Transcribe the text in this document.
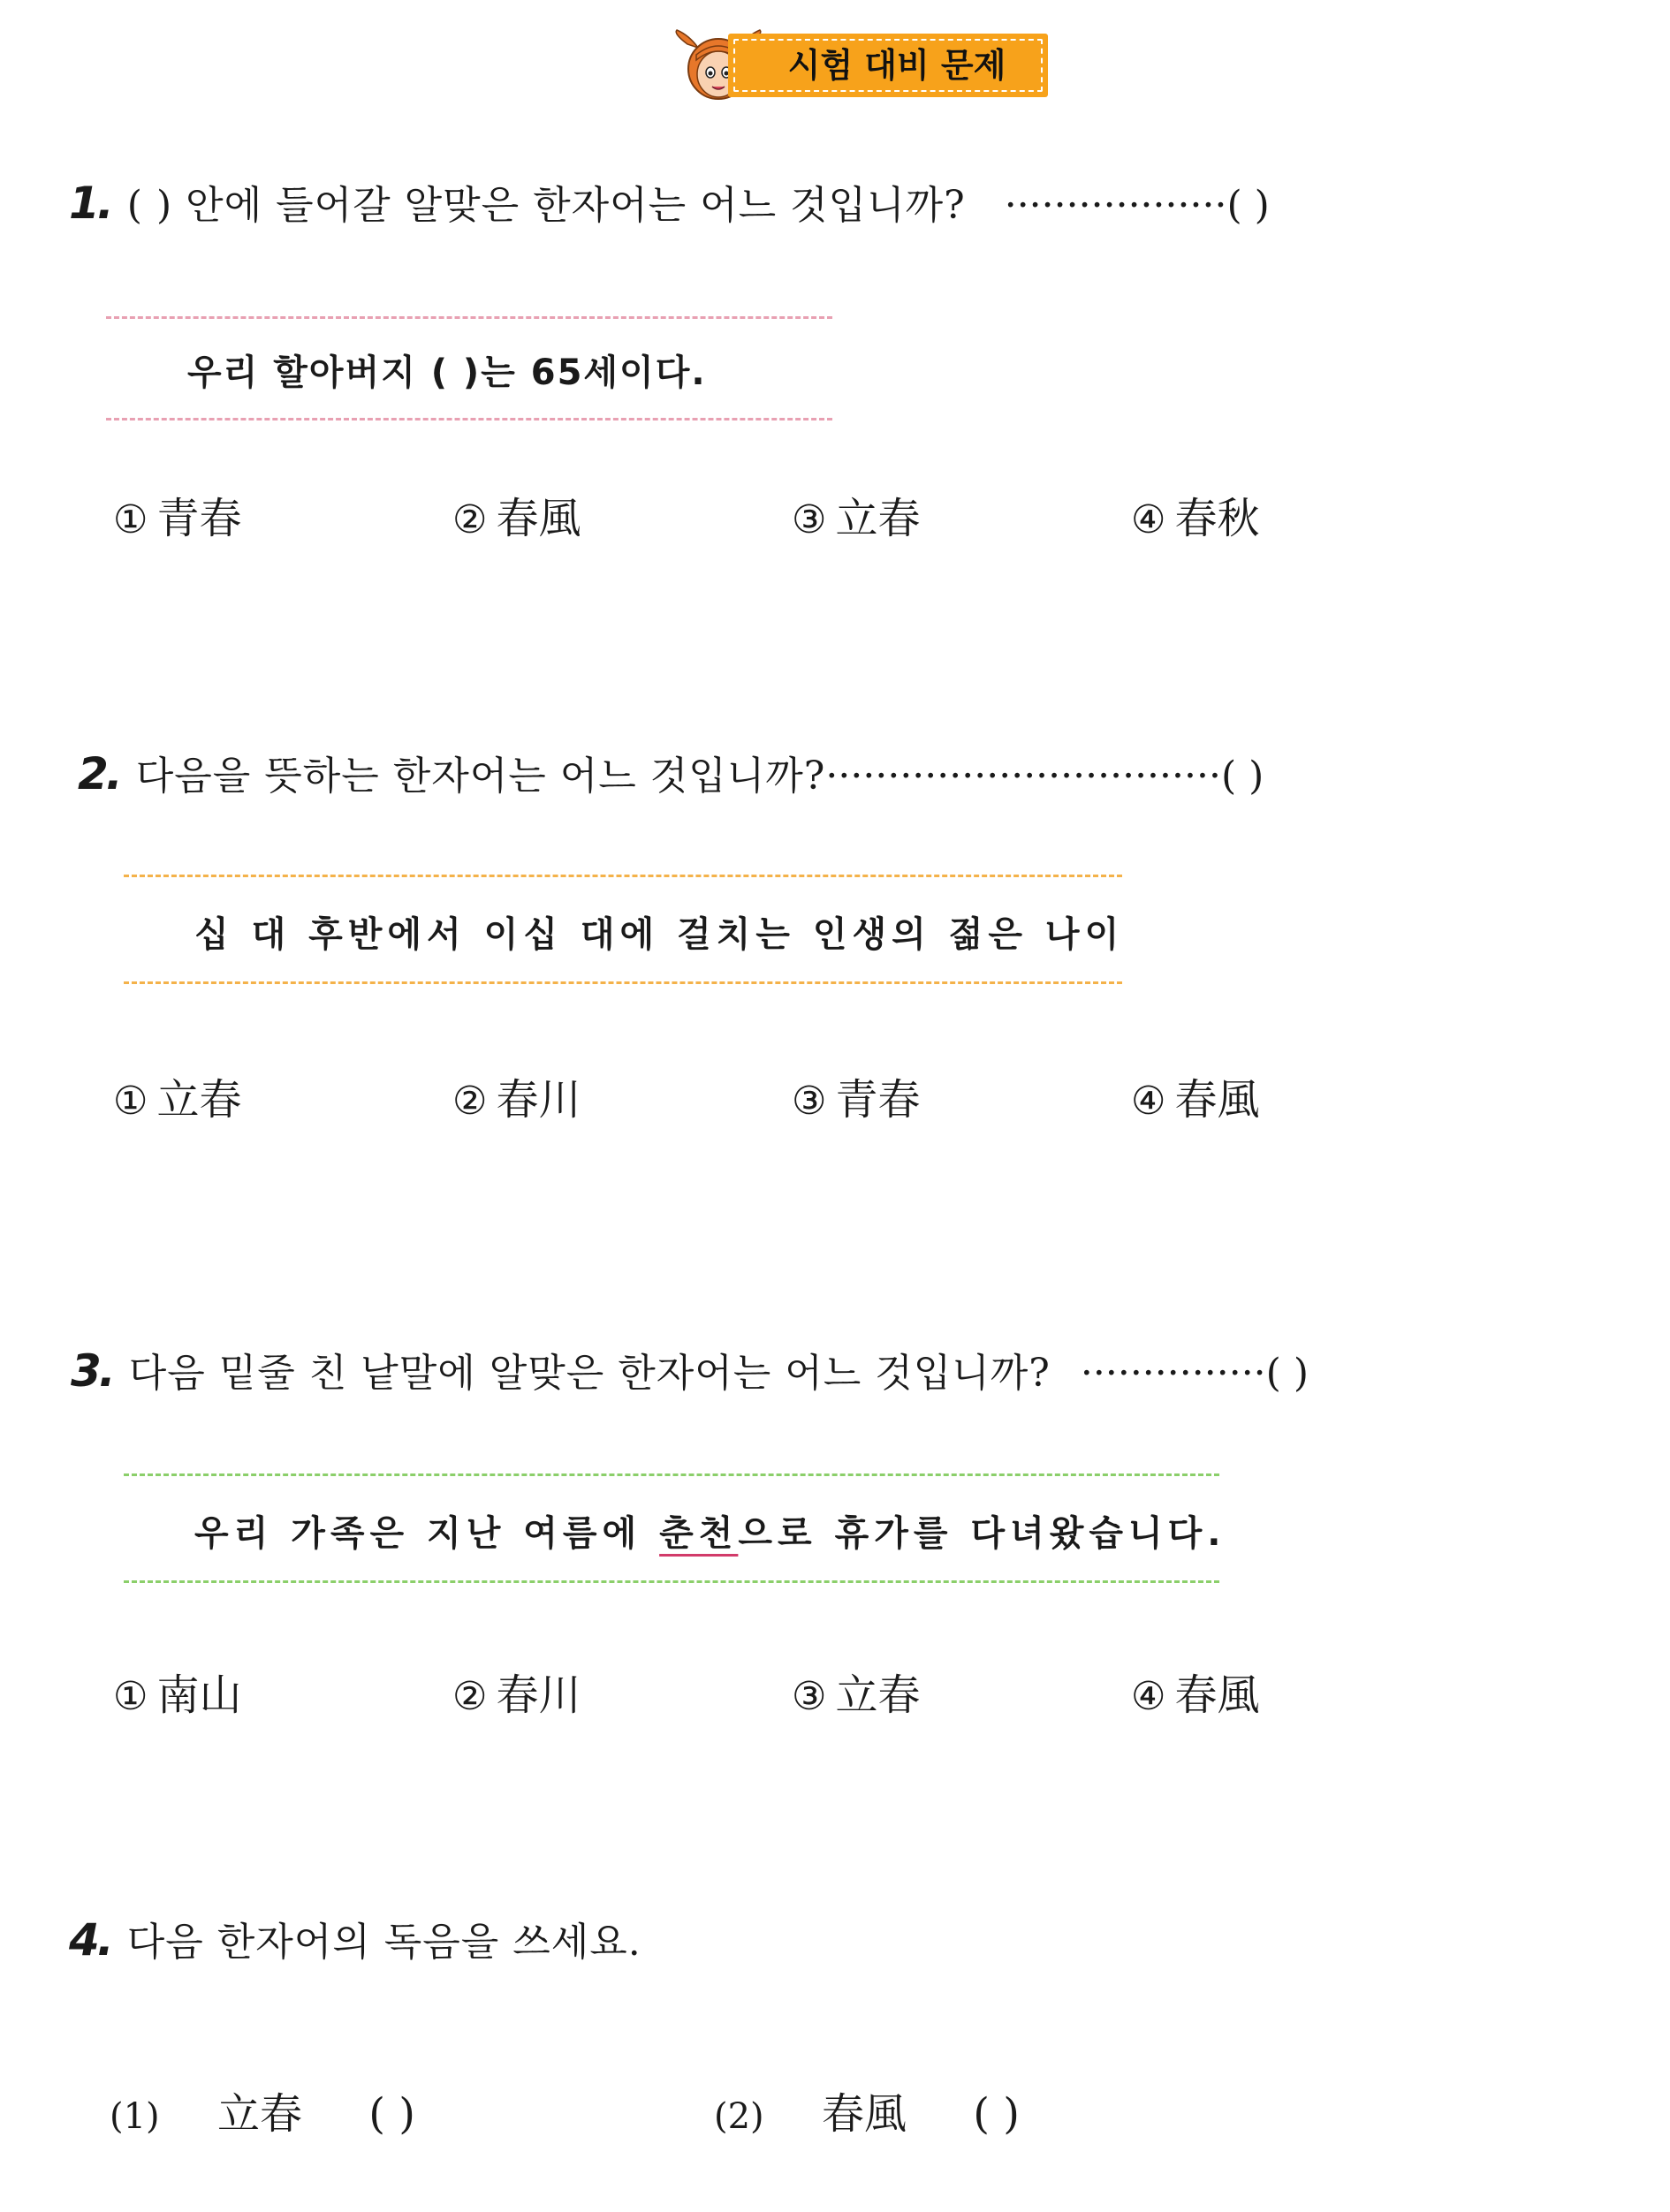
시험 대비 문제
1. ( ) 안에 들어갈 알맞은 한자어는 어느 것입니까? ··················( )
우리 할아버지 ( )는 65세이다.
① 青春	② 春風	③ 立春	④ 春秋
2. 다음을 뜻하는 한자어는 어느 것입니까?································( )
십 대 후반에서 이십 대에 걸치는 인생의 젊은 나이
① 立春	② 春川	③ 青春	④ 春風
3. 다음 밑줄 친 낱말에 알맞은 한자어는 어느 것입니까? ···············( )
우리 가족은 지난 여름에 춘천으로 휴가를 다녀왔습니다.
① 南山	② 春川	③ 立春	④ 春風
4. 다음 한자어의 독음을 쓰세요.
(1) 立春 ( )	(2) 春風 ( )
